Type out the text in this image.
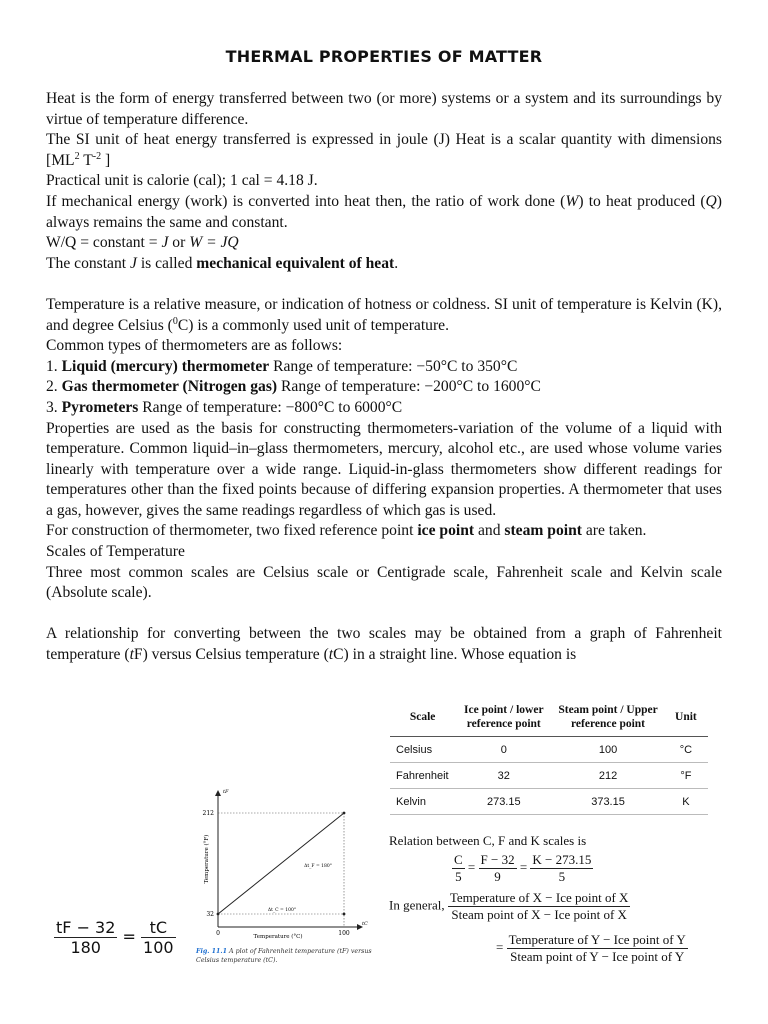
THERMAL PROPERTIES OF MATTER

Heat is the form of energy transferred between two (or more) systems or a system and its surroundings by virtue of temperature difference.

The SI unit of heat energy transferred is expressed in joule (J) Heat is a scalar quantity with dimensions [$ML^2$ $T^{-2}$ ]

Practical unit is calorie (cal); 1 cal = 4.18 J.

If mechanical energy (work) is converted into heat then, the ratio of work done (W) to heat produced (Q) always remains the same and constant.

W/Q = constant = J or W = JQ

The constant J is called mechanical equivalent of heat.

Temperature is a relative measure, or indication of hotness or coldness. SI unit of temperature is Kelvin (K), and degree Celsius ($^0$C) is a commonly used unit of temperature.

Common types of thermometers are as follows:

1. Liquid (mercury) thermometer Range of temperature: −50°C to 350°C

2. Gas thermometer (Nitrogen gas) Range of temperature: −200°C to 1600°C

3. Pyrometers Range of temperature: −800°C to 6000°C

Properties are used as the basis for constructing thermometers-variation of the volume of a liquid with temperature. Common liquid–in–glass thermometers, mercury, alcohol etc., are used whose volume varies linearly with temperature over a wide range. Liquid-in-glass thermometers show different readings for temperatures other than the fixed points because of differing expansion properties. A thermometer that uses a gas, however, gives the same readings regardless of which gas is used.

For construction of thermometer, two fixed reference point ice point and steam point are taken.

Scales of Temperature

Three most common scales are Celsius scale or Centigrade scale, Fahrenheit scale and Kelvin scale (Absolute scale).

A relationship for converting between the two scales may be obtained from a graph of Fahrenheit temperature (tF) versus Celsius temperature (tC) in a straight line. Whose equation is

Scale	Ice point / lower reference point	Steam point / Upper reference point	Unit
Celsius	0	100	°C
Fahrenheit	32	212	°F
Kelvin	273.15	373.15	K
Relation between C, F and K scales is
$\frac{C}{5} = \frac{F - 32}{9} = \frac{K - 273.15}{5}$
In general, $\frac{\text{Temperature of X − Ice point of X}}{\text{Steam point of X − Ice point of X}}$
= $\frac{\text{Temperature of Y − Ice point of Y}}{\text{Steam point of Y − Ice point of Y}}$
212
32
0	100
Temperature (°C)
Temperature (°F)
tF
tC
Δt_F = 180°
Δt_C = 100°
Fig. 11.1 A plot of Fahrenheit temperature (tF) versus Celsius temperature (tC).
$\frac{tF - 32}{180} = \frac{tC}{100}$
